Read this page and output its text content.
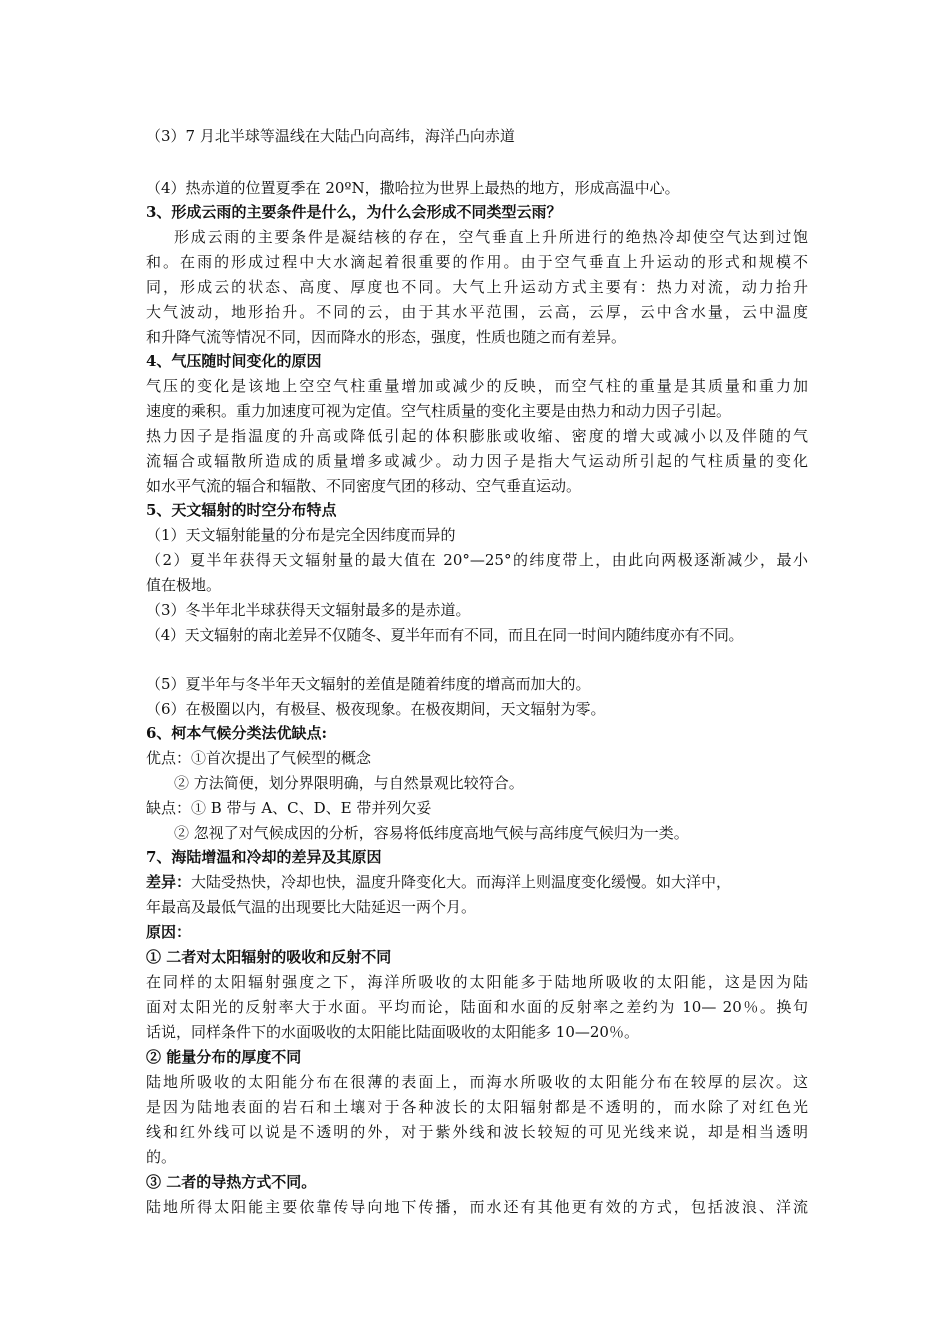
（3）7 月北半球等温线在大陆凸向高纬，海洋凸向赤道
（4）热赤道的位置夏季在 20ºN，撒哈拉为世界上最热的地方，形成高温中心。
3、形成云雨的主要条件是什么，为什么会形成不同类型云雨？
形成云雨的主要条件是凝结核的存在，空气垂直上升所进行的绝热冷却使空气达到过饱
和。在雨的形成过程中大水滴起着很重要的作用。由于空气垂直上升运动的形式和规模不
同，形成云的状态、高度、厚度也不同。大气上升运动方式主要有：热力对流，动力抬升
大气波动，地形抬升。不同的云，由于其水平范围，云高，云厚，云中含水量，云中温度
和升降气流等情况不同，因而降水的形态，强度，性质也随之而有差异。
4、气压随时间变化的原因
气压的变化是该地上空空气柱重量增加或减少的反映，而空气柱的重量是其质量和重力加
速度的乘积。重力加速度可视为定值。空气柱质量的变化主要是由热力和动力因子引起。
热力因子是指温度的升高或降低引起的体积膨胀或收缩、密度的增大或减小以及伴随的气
流辐合或辐散所造成的质量增多或减少。动力因子是指大气运动所引起的气柱质量的变化
如水平气流的辐合和辐散、不同密度气团的移动、空气垂直运动。
5、天文辐射的时空分布特点
（1）天文辐射能量的分布是完全因纬度而异的
（2）夏半年获得天文辐射量的最大值在 20°—25°的纬度带上，由此向两极逐渐减少，最小
值在极地。
（3）冬半年北半球获得天文辐射最多的是赤道。
（4）天文辐射的南北差异不仅随冬、夏半年而有不同，而且在同一时间内随纬度亦有不同。
（5）夏半年与冬半年天文辐射的差值是随着纬度的增高而加大的。
（6）在极圈以内，有极昼、极夜现象。在极夜期间，天文辐射为零。
6、柯本气候分类法优缺点:
优点：①首次提出了气候型的概念
② 方法简便，划分界限明确，与自然景观比较符合。
缺点：① B 带与 A、C、D、E 带并列欠妥
② 忽视了对气候成因的分析，容易将低纬度高地气候与高纬度气候归为一类。
7、海陆增温和冷却的差异及其原因
差异：大陆受热快，冷却也快，温度升降变化大。而海洋上则温度变化缓慢。如大洋中，
年最高及最低气温的出现要比大陆延迟一两个月。
原因：
① 二者对太阳辐射的吸收和反射不同
在同样的太阳辐射强度之下，海洋所吸收的太阳能多于陆地所吸收的太阳能，这是因为陆
面对太阳光的反射率大于水面。平均而论，陆面和水面的反射率之差约为 10— 20％。换句
话说，同样条件下的水面吸收的太阳能比陆面吸收的太阳能多 10—20％。
② 能量分布的厚度不同
陆地所吸收的太阳能分布在很薄的表面上，而海水所吸收的太阳能分布在较厚的层次。这
是因为陆地表面的岩石和土壤对于各种波长的太阳辐射都是不透明的，而水除了对红色光
线和红外线可以说是不透明的外，对于紫外线和波长较短的可见光线来说，却是相当透明
的。
③ 二者的导热方式不同。
陆地所得太阳能主要依靠传导向地下传播，而水还有其他更有效的方式，包括波浪、洋流
